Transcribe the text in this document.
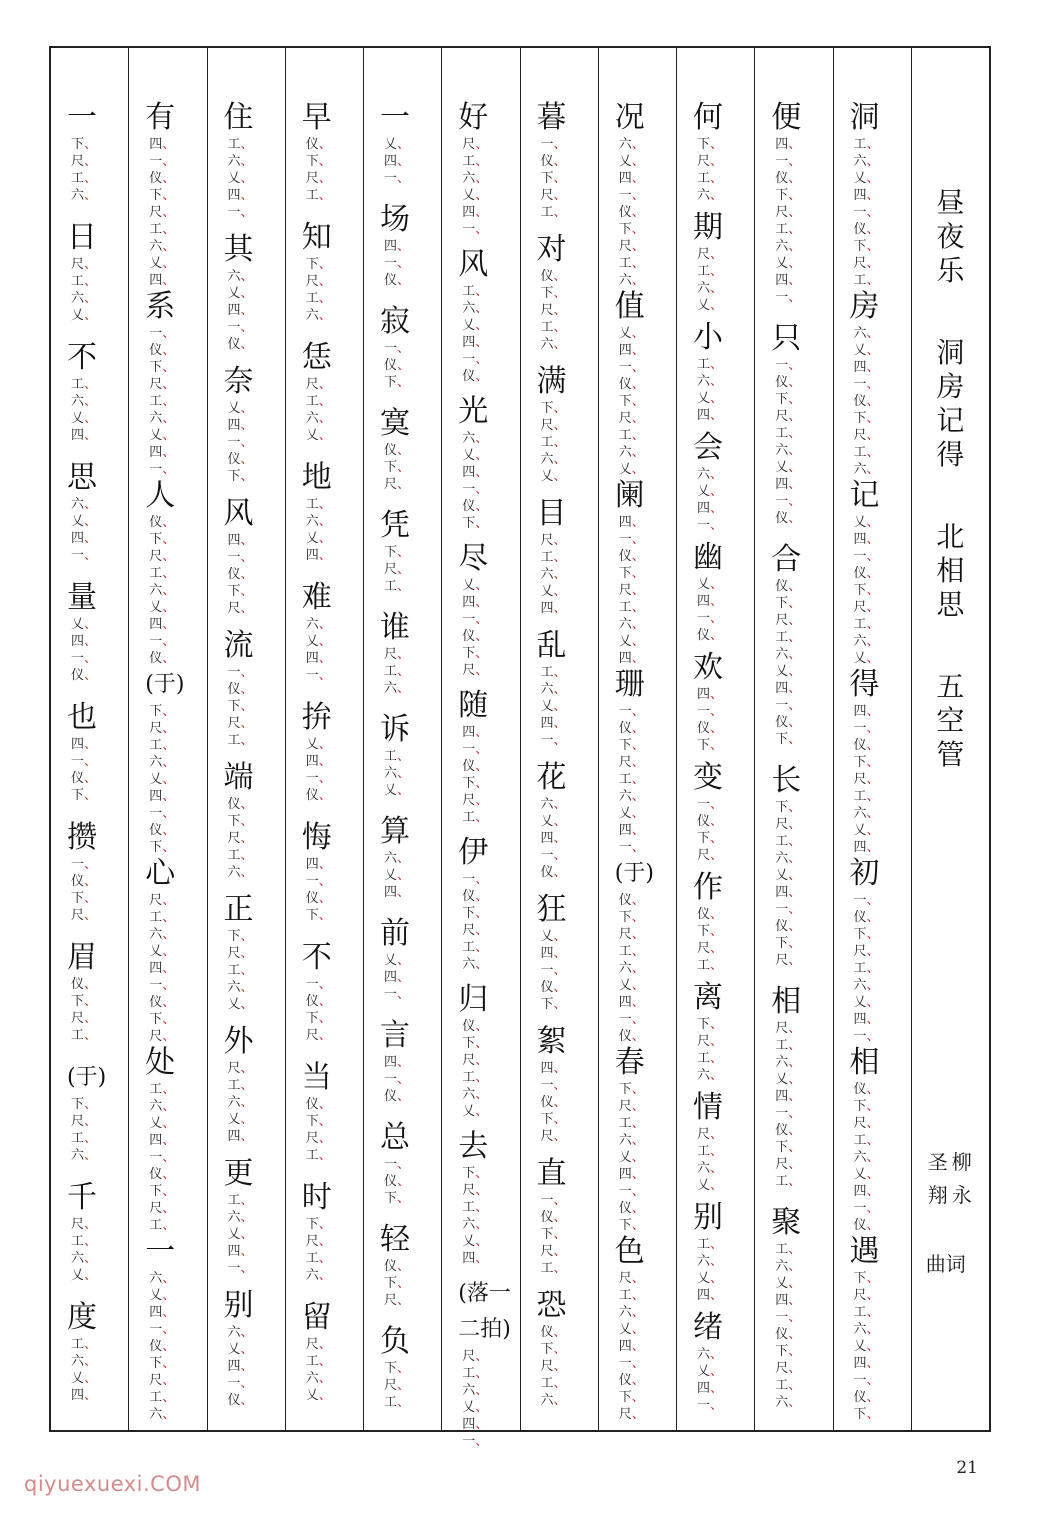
一
下、
尺、
工、
六、
日
尺、
工、
六、
乂、
不
工、
六、
乂、
四、
思
六、
乂、
四、
一、
量
乂、
四、
一、
仪、
也
四、
一、
仪、
下、
攒
一、
仪、
下、
尺、
眉
仪、
下、
尺、
工、
(于)
下、
尺、
工、
六、
千
尺、
工、
六、
乂、
度
工、
六、
乂、
四、
有
四、
一、
仪、
下、
尺、
工、
六、
乂、
四、
系
一、
仪、
下、
尺、
工、
六、
乂、
四、
一、
人
仪、
下、
尺、
工、
六、
乂、
四、
一、
仪、
(于)
下、
尺、
工、
六、
乂、
四、
一、
仪、
下、
心
尺、
工、
六、
乂、
四、
一、
仪、
下、
尺、
处
工、
六、
乂、
四、
一、
仪、
下、
尺、
工、
一
六、
乂、
四、
一、
仪、
下、
尺、
工、
六、
住
工、
六、
乂、
四、
一、
其
六、
乂、
四、
一、
仪、
奈
乂、
四、
一、
仪、
下、
风
四、
一、
仪、
下、
尺、
流
一、
仪、
下、
尺、
工、
端
仪、
下、
尺、
工、
六、
正
下、
尺、
工、
六、
乂、
外
尺、
工、
六、
乂、
四、
更
工、
六、
乂、
四、
一、
别
六、
乂、
四、
一、
仪、
早
仪、
下、
尺、
工、
知
下、
尺、
工、
六、
恁
尺、
工、
六、
乂、
地
工、
六、
乂、
四、
难
六、
乂、
四、
一、
拚
乂、
四、
一、
仪、
悔
四、
一、
仪、
下、
不
一、
仪、
下、
尺、
当
仪、
下、
尺、
工、
时
下、
尺、
工、
六、
留
尺、
工、
六、
乂、
一
乂、
四、
一、
场
四、
一、
仪、
寂
一、
仪、
下、
寞
仪、
下、
尺、
凭
下、
尺、
工、
谁
尺、
工、
六、
诉
工、
六、
乂、
算
六、
乂、
四、
前
乂、
四、
一、
言
四、
一、
仪、
总
一、
仪、
下、
轻
仪、
下、
尺、
负
下、
尺、
工、
好
尺、
工、
六、
乂、
四、
一、
风
工、
六、
乂、
四、
一、
仪、
光
六、
乂、
四、
一、
仪、
下、
尽
乂、
四、
一、
仪、
下、
尺、
随
四、
一、
仪、
下、
尺、
工、
伊
一、
仪、
下、
尺、
工、
六、
归
仪、
下、
尺、
工、
六、
乂、
去
下、
尺、
工、
六、
乂、
四、
(落一二拍)
尺、
工、
六、
乂、
四、
一、
暮
一、
仪、
下、
尺、
工、
对
仪、
下、
尺、
工、
六、
满
下、
尺、
工、
六、
乂、
目
尺、
工、
六、
乂、
四、
乱
工、
六、
乂、
四、
一、
花
六、
乂、
四、
一、
仪、
狂
乂、
四、
一、
仪、
下、
絮
四、
一、
仪、
下、
尺、
直
一、
仪、
下、
尺、
工、
恐
仪、
下、
尺、
工、
六、
况
六、
乂、
四、
一、
仪、
下、
尺、
工、
六、
值
乂、
四、
一、
仪、
下、
尺、
工、
六、
乂、
阑
四、
一、
仪、
下、
尺、
工、
六、
乂、
四、
珊
一、
仪、
下、
尺、
工、
六、
乂、
四、
一、
(于)
仪、
下、
尺、
工、
六、
乂、
四、
一、
仪、
春
下、
尺、
工、
六、
乂、
四、
一、
仪、
下、
色
尺、
工、
六、
乂、
四、
一、
仪、
下、
尺、
何
下、
尺、
工、
六、
期
尺、
工、
六、
乂、
小
工、
六、
乂、
四、
会
六、
乂、
四、
一、
幽
乂、
四、
一、
仪、
欢
四、
一、
仪、
下、
变
一、
仪、
下、
尺、
作
仪、
下、
尺、
工、
离
下、
尺、
工、
六、
情
尺、
工、
六、
乂、
别
工、
六、
乂、
四、
绪
六、
乂、
四、
一、
便
四、
一、
仪、
下、
尺、
工、
六、
乂、
四、
一、
只
一、
仪、
下、
尺、
工、
六、
乂、
四、
一、
仪、
合
仪、
下、
尺、
工、
六、
乂、
四、
一、
仪、
下、
长
下、
尺、
工、
六、
乂、
四、
一、
仪、
下、
尺、
相
尺、
工、
六、
乂、
四、
一、
仪、
下、
尺、
工、
聚
工、
六、
乂、
四、
一、
仪、
下、
尺、
工、
六、
洞
工、
六、
乂、
四、
一、
仪、
下、
尺、
工、
房
六、
乂、
四、
一、
仪、
下、
尺、
工、
六、
记
乂、
四、
一、
仪、
下、
尺、
工、
六、
乂、
得
四、
一、
仪、
下、
尺、
工、
六、
乂、
四、
初
一、
仪、
下、
尺、
工、
六、
乂、
四、
一、
相
仪、
下、
尺、
工、
六、
乂、
四、
一、
仪、
遇
下、
尺、
工、
六、
乂、
四、
一、
仪、
下、
昼
夜
乐
洞
房
记
得
北
相
思
五
空
管
圣
翔
柳
永
曲词
21
qiyuexuexi.COM
